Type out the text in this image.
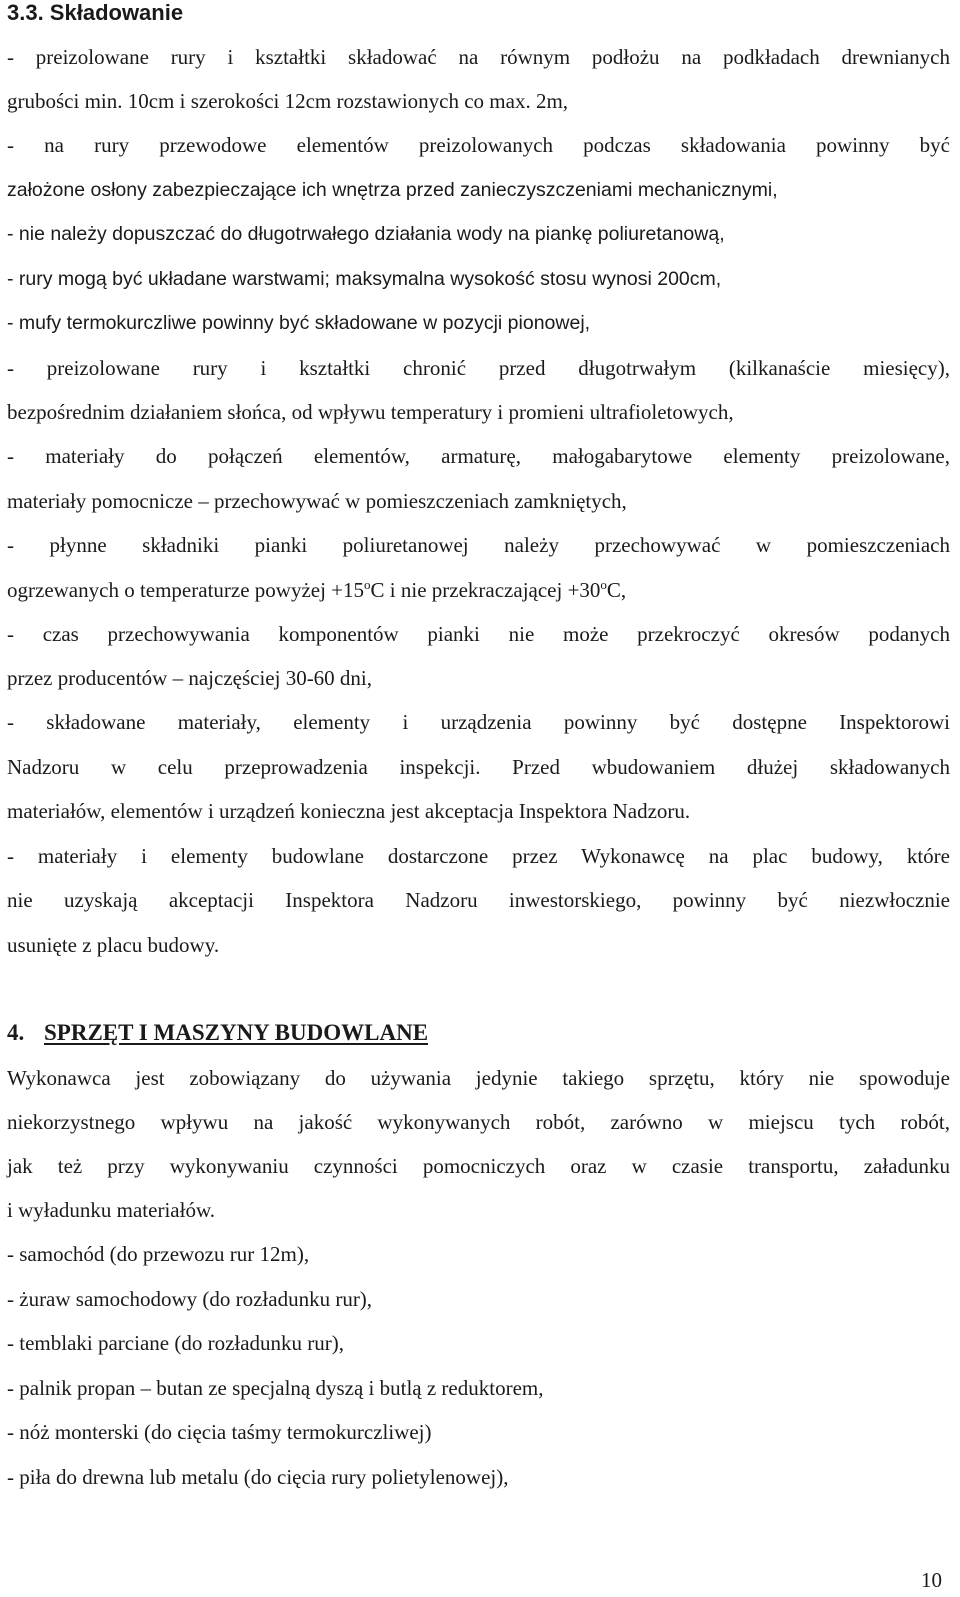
3.3. Składowanie
- preizolowane rury i kształtki składować na równym podłożu na podkładach drewnianych
grubości min. 10cm i szerokości 12cm rozstawionych co max. 2m,
- na rury przewodowe elementów preizolowanych podczas składowania powinny być
założone osłony zabezpieczające ich wnętrza przed zanieczyszczeniami mechanicznymi,
- nie należy dopuszczać do długotrwałego działania wody na piankę poliuretanową,
- rury mogą być układane warstwami; maksymalna wysokość stosu wynosi 200cm,
- mufy termokurczliwe powinny być składowane w pozycji pionowej,
- preizolowane rury i kształtki chronić przed długotrwałym (kilkanaście miesięcy),
bezpośrednim działaniem słońca, od wpływu temperatury i promieni ultrafioletowych,
- materiały do połączeń elementów, armaturę, małogabarytowe elementy preizolowane,
materiały pomocnicze – przechowywać w pomieszczeniach zamkniętych,
- płynne składniki pianki poliuretanowej należy przechowywać w pomieszczeniach
ogrzewanych o temperaturze powyżej $+15^oC$ i nie przekraczającej $+30^oC$,
- czas przechowywania komponentów pianki nie może przekroczyć okresów podanych
przez producentów – najczęściej 30-60 dni,
- składowane materiały, elementy i urządzenia powinny być dostępne Inspektorowi
Nadzoru w celu przeprowadzenia inspekcji. Przed wbudowaniem dłużej składowanych
materiałów, elementów i urządzeń konieczna jest akceptacja Inspektora Nadzoru.
- materiały i elementy budowlane dostarczone przez Wykonawcę na plac budowy, które
nie uzyskają akceptacji Inspektora Nadzoru inwestorskiego, powinny być niezwłocznie
usunięte z placu budowy.
4. SPRZĘT I MASZYNY BUDOWLANE
Wykonawca jest zobowiązany do używania jedynie takiego sprzętu, który nie spowoduje
niekorzystnego wpływu na jakość wykonywanych robót, zarówno w miejscu tych robót,
jak też przy wykonywaniu czynności pomocniczych oraz w czasie transportu, załadunku
i wyładunku materiałów.
- samochód (do przewozu rur 12m),
- żuraw samochodowy (do rozładunku rur),
- temblaki parciane (do rozładunku rur),
- palnik propan – butan ze specjalną dyszą i butlą z reduktorem,
- nóż monterski (do cięcia taśmy termokurczliwej)
- piła do drewna lub metalu (do cięcia rury polietylenowej),
10
